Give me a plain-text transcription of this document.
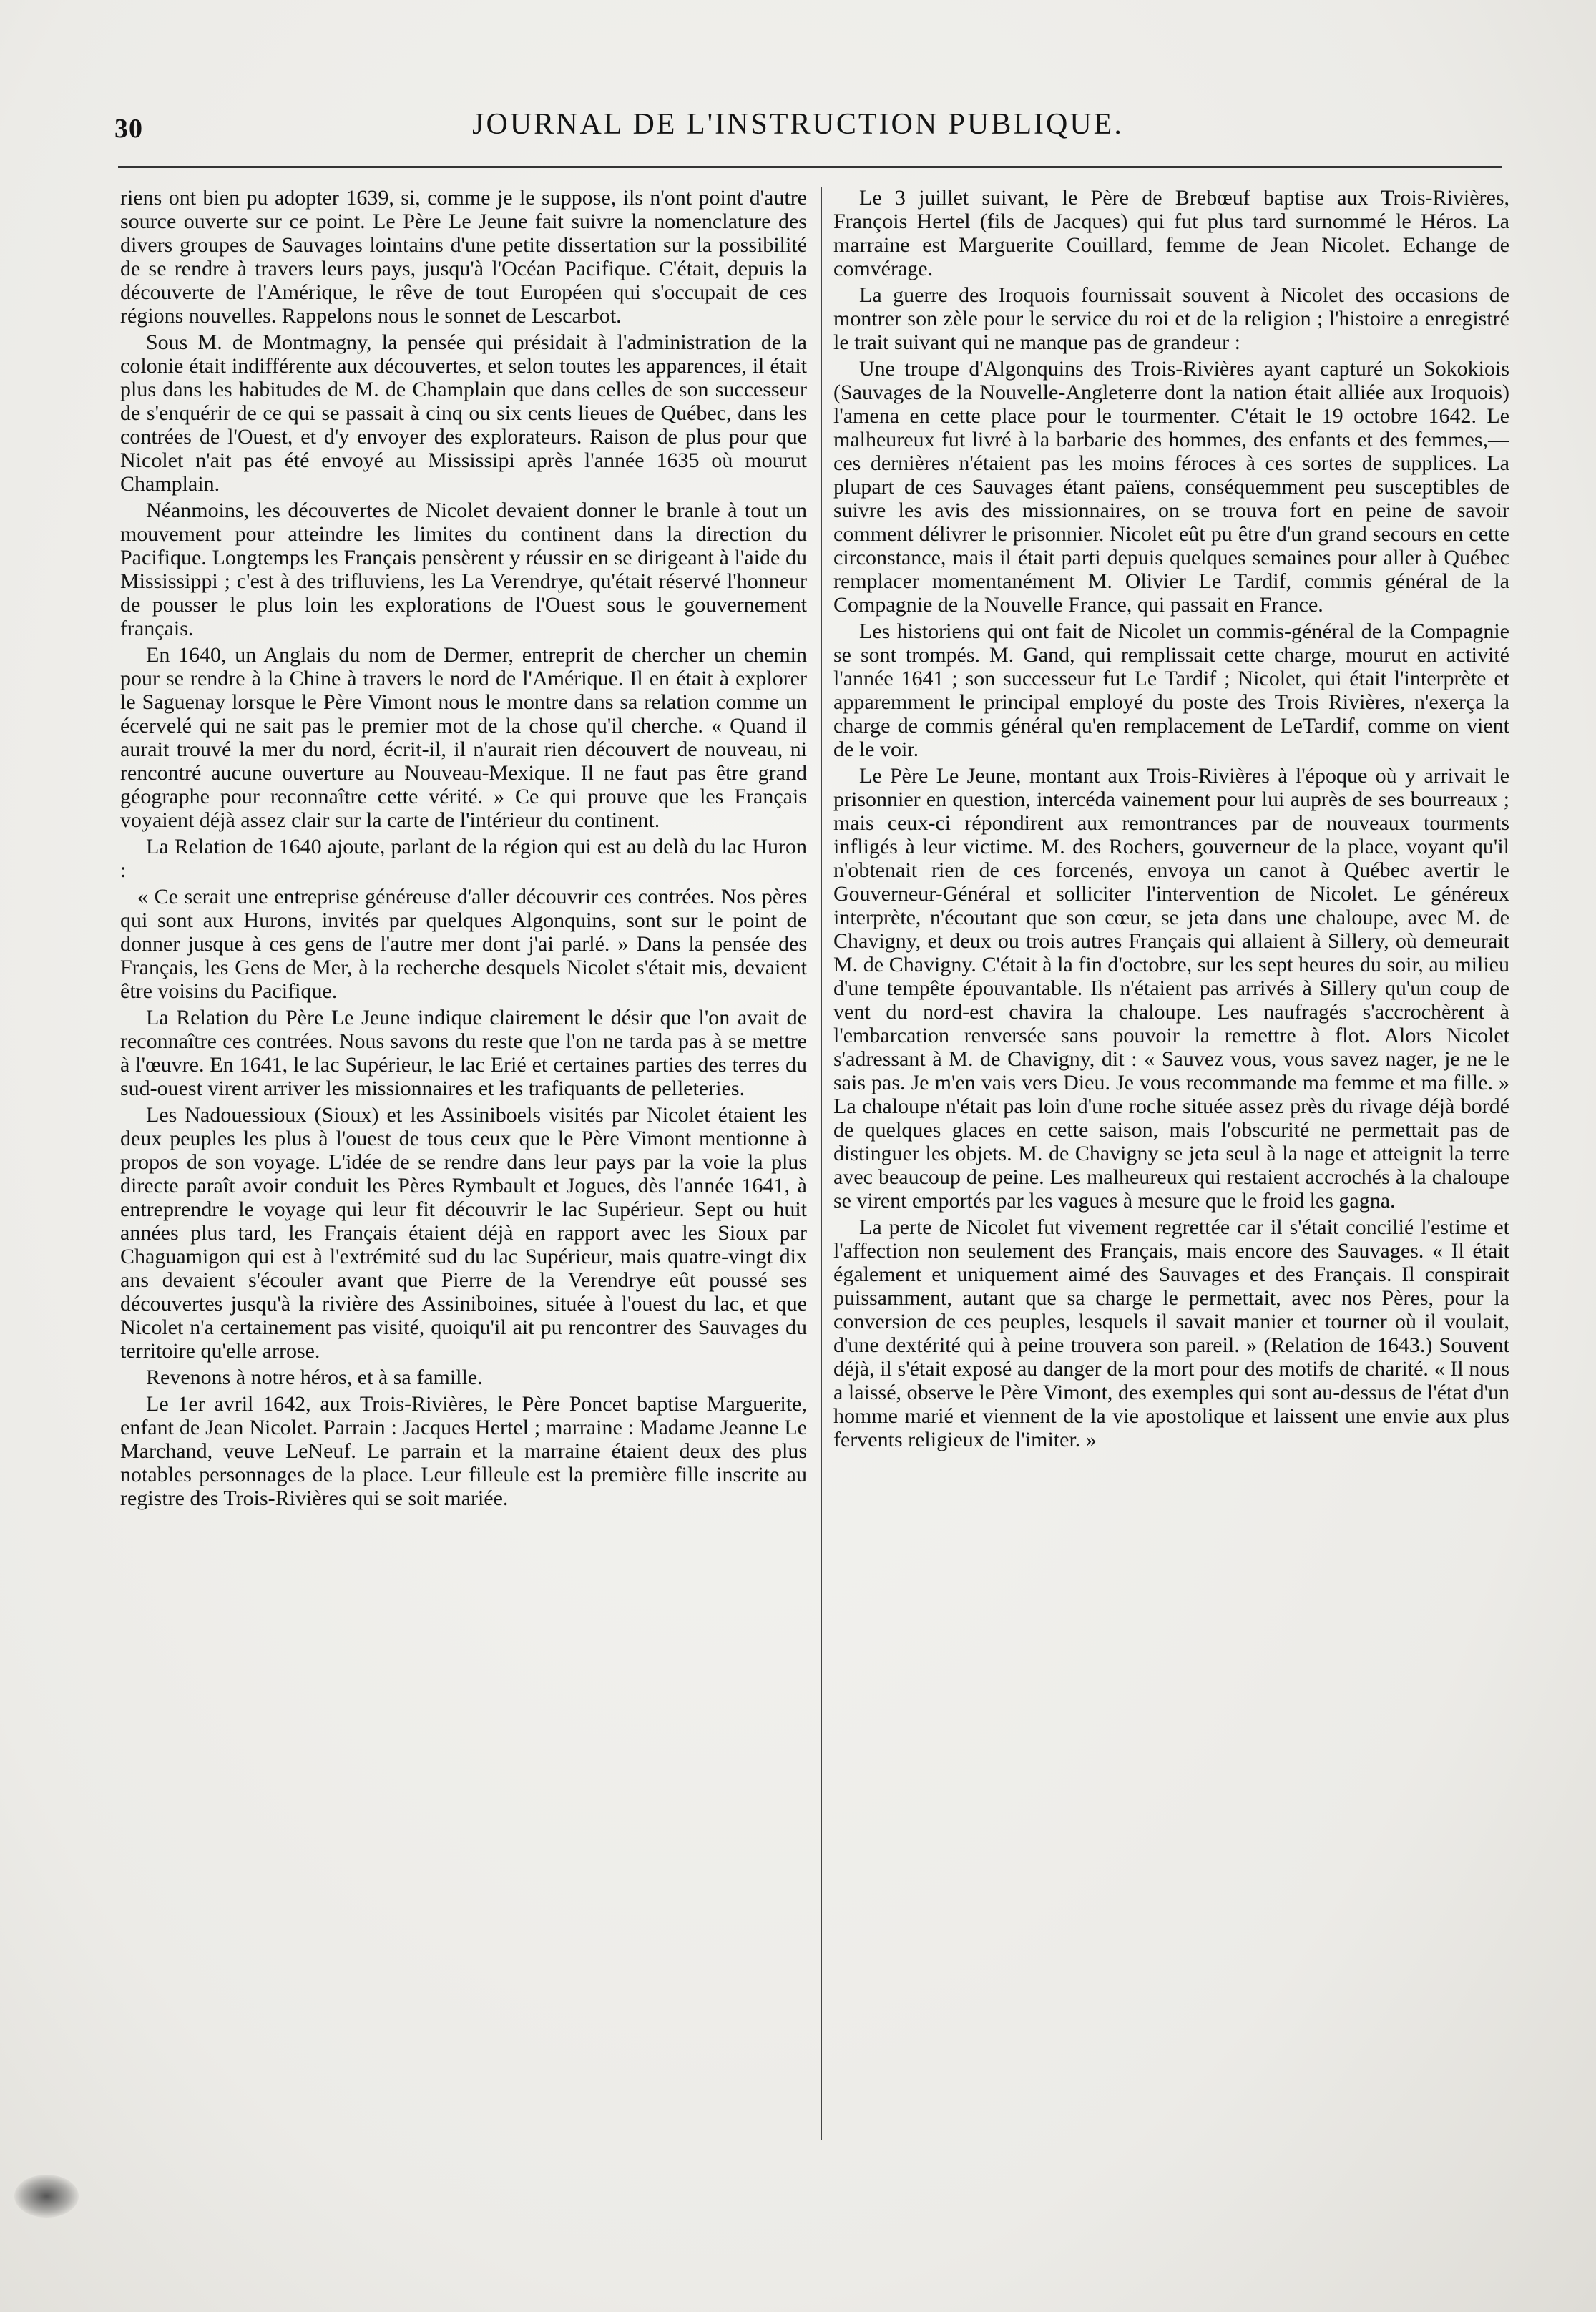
30	JOURNAL DE L'INSTRUCTION PUBLIQUE.

riens ont bien pu adopter 1639, si, comme je le suppose, ils n'ont point d'autre source ouverte sur ce point. Le Père Le Jeune fait suivre la nomenclature des divers groupes de Sauvages lointains d'une petite dissertation sur la possibilité de se rendre à travers leurs pays, jusqu'à l'Océan Pacifique. C'était, depuis la découverte de l'Amérique, le rêve de tout Européen qui s'occupait de ces régions nouvelles. Rappelons nous le sonnet de Lescarbot.

Sous M. de Montmagny, la pensée qui présidait à l'administration de la colonie était indifférente aux découvertes, et selon toutes les apparences, il était plus dans les habitudes de M. de Champlain que dans celles de son successeur de s'enquérir de ce qui se passait à cinq ou six cents lieues de Québec, dans les contrées de l'Ouest, et d'y envoyer des explorateurs. Raison de plus pour que Nicolet n'ait pas été envoyé au Mississipi après l'année 1635 où mourut Champlain.

Néanmoins, les découvertes de Nicolet devaient donner le branle à tout un mouvement pour atteindre les limites du continent dans la direction du Pacifique. Longtemps les Français pensèrent y réussir en se dirigeant à l'aide du Mississippi ; c'est à des trifluviens, les La Verendrye, qu'était réservé l'honneur de pousser le plus loin les explorations de l'Ouest sous le gouvernement français.

En 1640, un Anglais du nom de Dermer, entreprit de chercher un chemin pour se rendre à la Chine à travers le nord de l'Amérique. Il en était à explorer le Saguenay lorsque le Père Vimont nous le montre dans sa relation comme un écervelé qui ne sait pas le premier mot de la chose qu'il cherche. « Quand il aurait trouvé la mer du nord, écrit-il, il n'aurait rien découvert de nouveau, ni rencontré aucune ouverture au Nouveau-Mexique. Il ne faut pas être grand géographe pour reconnaître cette vérité. » Ce qui prouve que les Français voyaient déjà assez clair sur la carte de l'intérieur du continent.

La Relation de 1640 ajoute, parlant de la région qui est au delà du lac Huron :

« Ce serait une entreprise généreuse d'aller découvrir ces contrées. Nos pères qui sont aux Hurons, invités par quelques Algonquins, sont sur le point de donner jusque à ces gens de l'autre mer dont j'ai parlé. » Dans la pensée des Français, les Gens de Mer, à la recherche desquels Nicolet s'était mis, devaient être voisins du Pacifique.

La Relation du Père Le Jeune indique clairement le désir que l'on avait de reconnaître ces contrées. Nous savons du reste que l'on ne tarda pas à se mettre à l'œuvre. En 1641, le lac Supérieur, le lac Erié et certaines parties des terres du sud-ouest virent arriver les missionnaires et les trafiquants de pelleteries.

Les Nadouessioux (Sioux) et les Assiniboels visités par Nicolet étaient les deux peuples les plus à l'ouest de tous ceux que le Père Vimont mentionne à propos de son voyage. L'idée de se rendre dans leur pays par la voie la plus directe paraît avoir conduit les Pères Rymbault et Jogues, dès l'année 1641, à entreprendre le voyage qui leur fit découvrir le lac Supérieur. Sept ou huit années plus tard, les Français étaient déjà en rapport avec les Sioux par Chaguamigon qui est à l'extrémité sud du lac Supérieur, mais quatre-vingt dix ans devaient s'écouler avant que Pierre de la Verendrye eût poussé ses découvertes jusqu'à la rivière des Assiniboines, située à l'ouest du lac, et que Nicolet n'a certainement pas visité, quoiqu'il ait pu rencontrer des Sauvages du territoire qu'elle arrose.

Revenons à notre héros, et à sa famille.

Le 1er avril 1642, aux Trois-Rivières, le Père Poncet baptise Marguerite, enfant de Jean Nicolet. Parrain : Jacques Hertel ; marraine : Madame Jeanne Le Marchand, veuve LeNeuf. Le parrain et la marraine étaient deux des plus notables personnages de la place. Leur filleule est la première fille inscrite au registre des Trois-Rivières qui se soit mariée.

Le 3 juillet suivant, le Père de Brebœuf baptise aux Trois-Rivières, François Hertel (fils de Jacques) qui fut plus tard surnommé le Héros. La marraine est Marguerite Couillard, femme de Jean Nicolet. Echange de comvérage.

La guerre des Iroquois fournissait souvent à Nicolet des occasions de montrer son zèle pour le service du roi et de la religion ; l'histoire a enregistré le trait suivant qui ne manque pas de grandeur :

Une troupe d'Algonquins des Trois-Rivières ayant capturé un Sokokiois (Sauvages de la Nouvelle-Angleterre dont la nation était alliée aux Iroquois) l'amena en cette place pour le tourmenter. C'était le 19 octobre 1642. Le malheureux fut livré à la barbarie des hommes, des enfants et des femmes,—ces dernières n'étaient pas les moins féroces à ces sortes de supplices. La plupart de ces Sauvages étant païens, conséquemment peu susceptibles de suivre les avis des missionnaires, on se trouva fort en peine de savoir comment délivrer le prisonnier. Nicolet eût pu être d'un grand secours en cette circonstance, mais il était parti depuis quelques semaines pour aller à Québec remplacer momentanément M. Olivier Le Tardif, commis général de la Compagnie de la Nouvelle France, qui passait en France.

Les historiens qui ont fait de Nicolet un commis-général de la Compagnie se sont trompés. M. Gand, qui remplissait cette charge, mourut en activité l'année 1641 ; son successeur fut Le Tardif ; Nicolet, qui était l'interprète et apparemment le principal employé du poste des Trois Rivières, n'exerça la charge de commis général qu'en remplacement de LeTardif, comme on vient de le voir.

Le Père Le Jeune, montant aux Trois-Rivières à l'époque où y arrivait le prisonnier en question, intercéda vainement pour lui auprès de ses bourreaux ; mais ceux-ci répondirent aux remontrances par de nouveaux tourments infligés à leur victime. M. des Rochers, gouverneur de la place, voyant qu'il n'obtenait rien de ces forcenés, envoya un canot à Québec avertir le Gouverneur-Général et solliciter l'intervention de Nicolet. Le généreux interprète, n'écoutant que son cœur, se jeta dans une chaloupe, avec M. de Chavigny, et deux ou trois autres Français qui allaient à Sillery, où demeurait M. de Chavigny. C'était à la fin d'octobre, sur les sept heures du soir, au milieu d'une tempête épouvantable. Ils n'étaient pas arrivés à Sillery qu'un coup de vent du nord-est chavira la chaloupe. Les naufragés s'accrochèrent à l'embarcation renversée sans pouvoir la remettre à flot. Alors Nicolet s'adressant à M. de Chavigny, dit : « Sauvez vous, vous savez nager, je ne le sais pas. Je m'en vais vers Dieu. Je vous recommande ma femme et ma fille. » La chaloupe n'était pas loin d'une roche située assez près du rivage déjà bordé de quelques glaces en cette saison, mais l'obscurité ne permettait pas de distinguer les objets. M. de Chavigny se jeta seul à la nage et atteignit la terre avec beaucoup de peine. Les malheureux qui restaient accrochés à la chaloupe se virent emportés par les vagues à mesure que le froid les gagna.

La perte de Nicolet fut vivement regrettée car il s'était concilié l'estime et l'affection non seulement des Français, mais encore des Sauvages. « Il était également et uniquement aimé des Sauvages et des Français. Il conspirait puissamment, autant que sa charge le permettait, avec nos Pères, pour la conversion de ces peuples, lesquels il savait manier et tourner où il voulait, d'une dextérité qui à peine trouvera son pareil. » (Relation de 1643.) Souvent déjà, il s'était exposé au danger de la mort pour des motifs de charité. « Il nous a laissé, observe le Père Vimont, des exemples qui sont au-dessus de l'état d'un homme marié et viennent de la vie apostolique et laissent une envie aux plus fervents religieux de l'imiter. »
